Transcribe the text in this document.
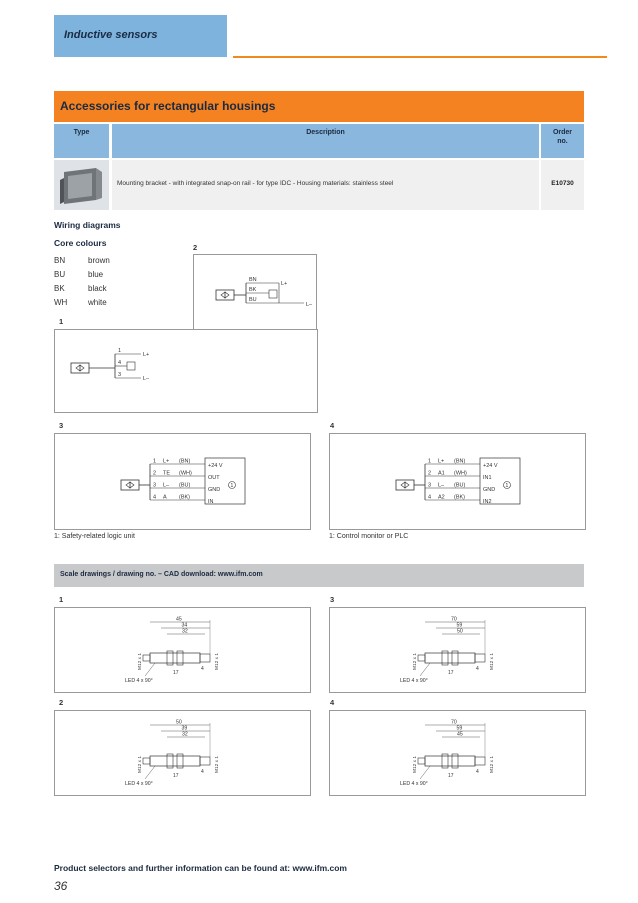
Inductive sensors
Accessories for rectangular housings
Type	Description	Order no.
Mounting bracket - with integrated snap-on rail - for type IDC - Housing materials: stainless steel	E10730
Wiring diagrams
Core colours
BN	brown
BU	blue
BK	black
WH	white
2
BN
BK
BU
L+
L–
1
1
4
3
L+
L–
3
1
1 L+ (BN)
+24 V
2 TE (WH)
OUT
3 L– (BU)
GND
4 A (BK)
IN
1: Safety-related logic unit
4
1
1 L+ (BN)
+24 V
2 A1 (WH)
IN1
3 L– (BU)
GND
4 A2 (BK)
IN2
1: Control monitor or PLC
Scale drawings / drawing no. – CAD download: www.ifm.com
1
45
34
32
M12 x 1	M12 x 1
17
4
LED 4 x 90°
3
70
59
50
M12 x 1	M12 x 1
17
4
LED 4 x 90°
2
50
39
32
M12 x 1	M12 x 1
17
4
LED 4 x 90°
4
70
59
45
M12 x 1	M12 x 1
17
4
LED 4 x 90°
Product selectors and further information can be found at: www.ifm.com
36
